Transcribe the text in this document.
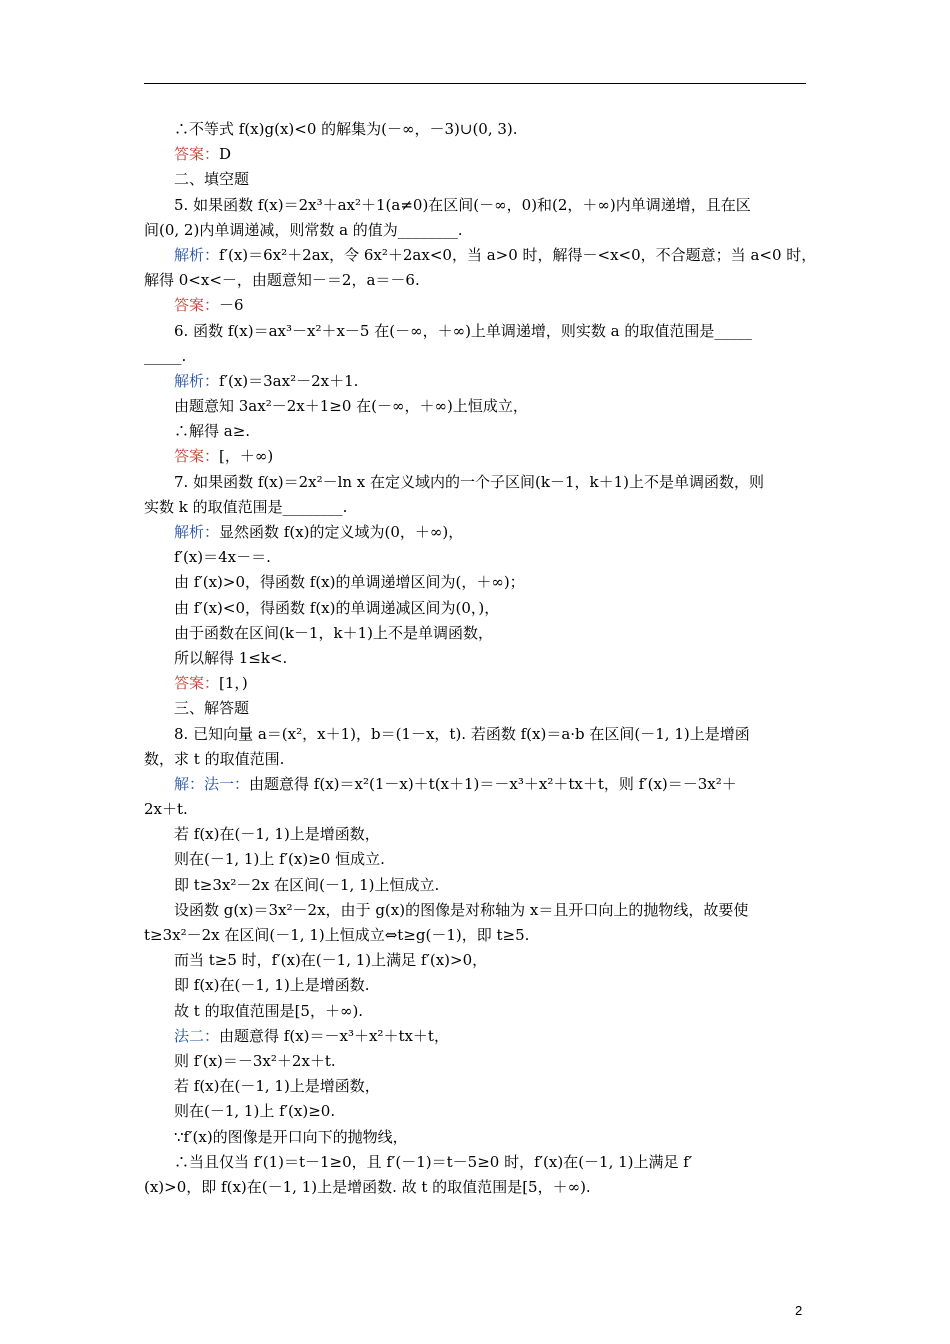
∴不等式 f(x)g(x)<0 的解集为(－∞，－3)∪(0, 3).
答案：D
二、填空题
5. 如果函数 f(x)＝2x³＋ax²＋1(a≠0)在区间(－∞，0)和(2，＋∞)内单调递增，且在区
间(0, 2)内单调递减，则常数 a 的值为________.
解析：f′(x)＝6x²＋2ax，令 6x²＋2ax<0，当 a>0 时，解得－<x<0，不合题意；当 a<0 时，
解得 0<x<－，由题意知－＝2，a＝－6.
答案：－6
6. 函数 f(x)＝ax³－x²＋x－5 在(－∞，＋∞)上单调递增，则实数 a 的取值范围是_____
_____.
解析：f′(x)＝3ax²－2x＋1.
由题意知 3ax²－2x＋1≥0 在(－∞，＋∞)上恒成立，
∴解得 a≥.
答案：[，＋∞)
7. 如果函数 f(x)＝2x²－ln x 在定义域内的一个子区间(k－1，k＋1)上不是单调函数，则
实数 k 的取值范围是________.
解析：显然函数 f(x)的定义域为(0，＋∞)，
f′(x)＝4x－＝.
由 f′(x)>0，得函数 f(x)的单调递增区间为(，＋∞)；
由 f′(x)<0，得函数 f(x)的单调递减区间为(0，)，
由于函数在区间(k－1，k＋1)上不是单调函数，
所以解得 1≤k<.
答案：[1，)
三、解答题
8. 已知向量 a＝(x²，x＋1)，b＝(1－x，t). 若函数 f(x)＝a·b 在区间(－1, 1)上是增函
数，求 t 的取值范围.
解：法一：由题意得 f(x)＝x²(1－x)＋t(x＋1)＝－x³＋x²＋tx＋t，则 f′(x)＝－3x²＋
2x＋t.
若 f(x)在(－1, 1)上是增函数，
则在(－1, 1)上 f′(x)≥0 恒成立.
即 t≥3x²－2x 在区间(－1, 1)上恒成立.
设函数 g(x)＝3x²－2x，由于 g(x)的图像是对称轴为 x＝且开口向上的抛物线，故要使
t≥3x²－2x 在区间(－1, 1)上恒成立⇔t≥g(－1)，即 t≥5.
而当 t≥5 时，f′(x)在(－1, 1)上满足 f′(x)>0，
即 f(x)在(－1, 1)上是增函数.
故 t 的取值范围是[5，＋∞).
法二：由题意得 f(x)＝－x³＋x²＋tx＋t，
则 f′(x)＝－3x²＋2x＋t.
若 f(x)在(－1, 1)上是增函数，
则在(－1, 1)上 f′(x)≥0.
∵f′(x)的图像是开口向下的抛物线，
∴当且仅当 f′(1)＝t－1≥0，且 f′(－1)＝t－5≥0 时，f′(x)在(－1, 1)上满足 f′
(x)>0，即 f(x)在(－1, 1)上是增函数. 故 t 的取值范围是[5，＋∞).
2
